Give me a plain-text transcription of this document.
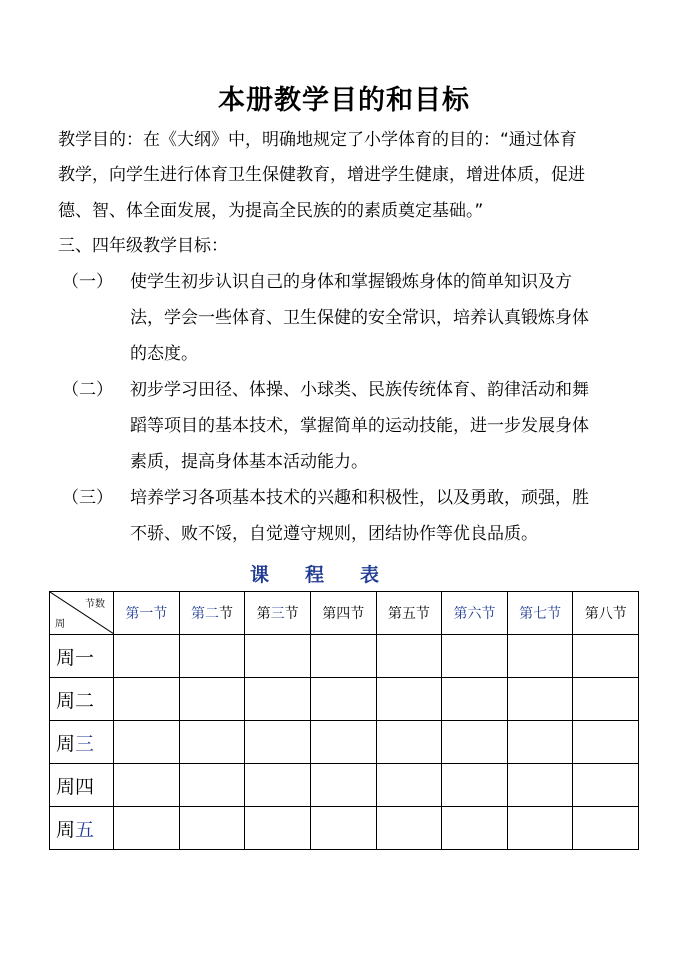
本册教学目的和目标
教学目的：在《大纲》中，明确地规定了小学体育的目的：“通过体育
教学，向学生进行体育卫生保健教育，增进学生健康，增进体质，促进
德、智、体全面发展，为提高全民族的的素质奠定基础。”
三、四年级教学目标：
（一） 使学生初步认识自己的身体和掌握锻炼身体的简单知识及方
法，学会一些体育、卫生保健的安全常识，培养认真锻炼身体
的态度。
（二） 初步学习田径、体操、小球类、民族传统体育、韵律活动和舞
蹈等项目的基本技术，掌握简单的运动技能，进一步发展身体
素质，提高身体基本活动能力。
（三） 培养学习各项基本技术的兴趣和积极性，以及勇敢，顽强，胜
不骄、败不馁，自觉遵守规则，团结协作等优良品质。
课 程 表
节数
周	第一节	第二节	第三节	第四节	第五节	第六节	第七节	第八节
周一								
周二								
周三								
周四								
周五								
